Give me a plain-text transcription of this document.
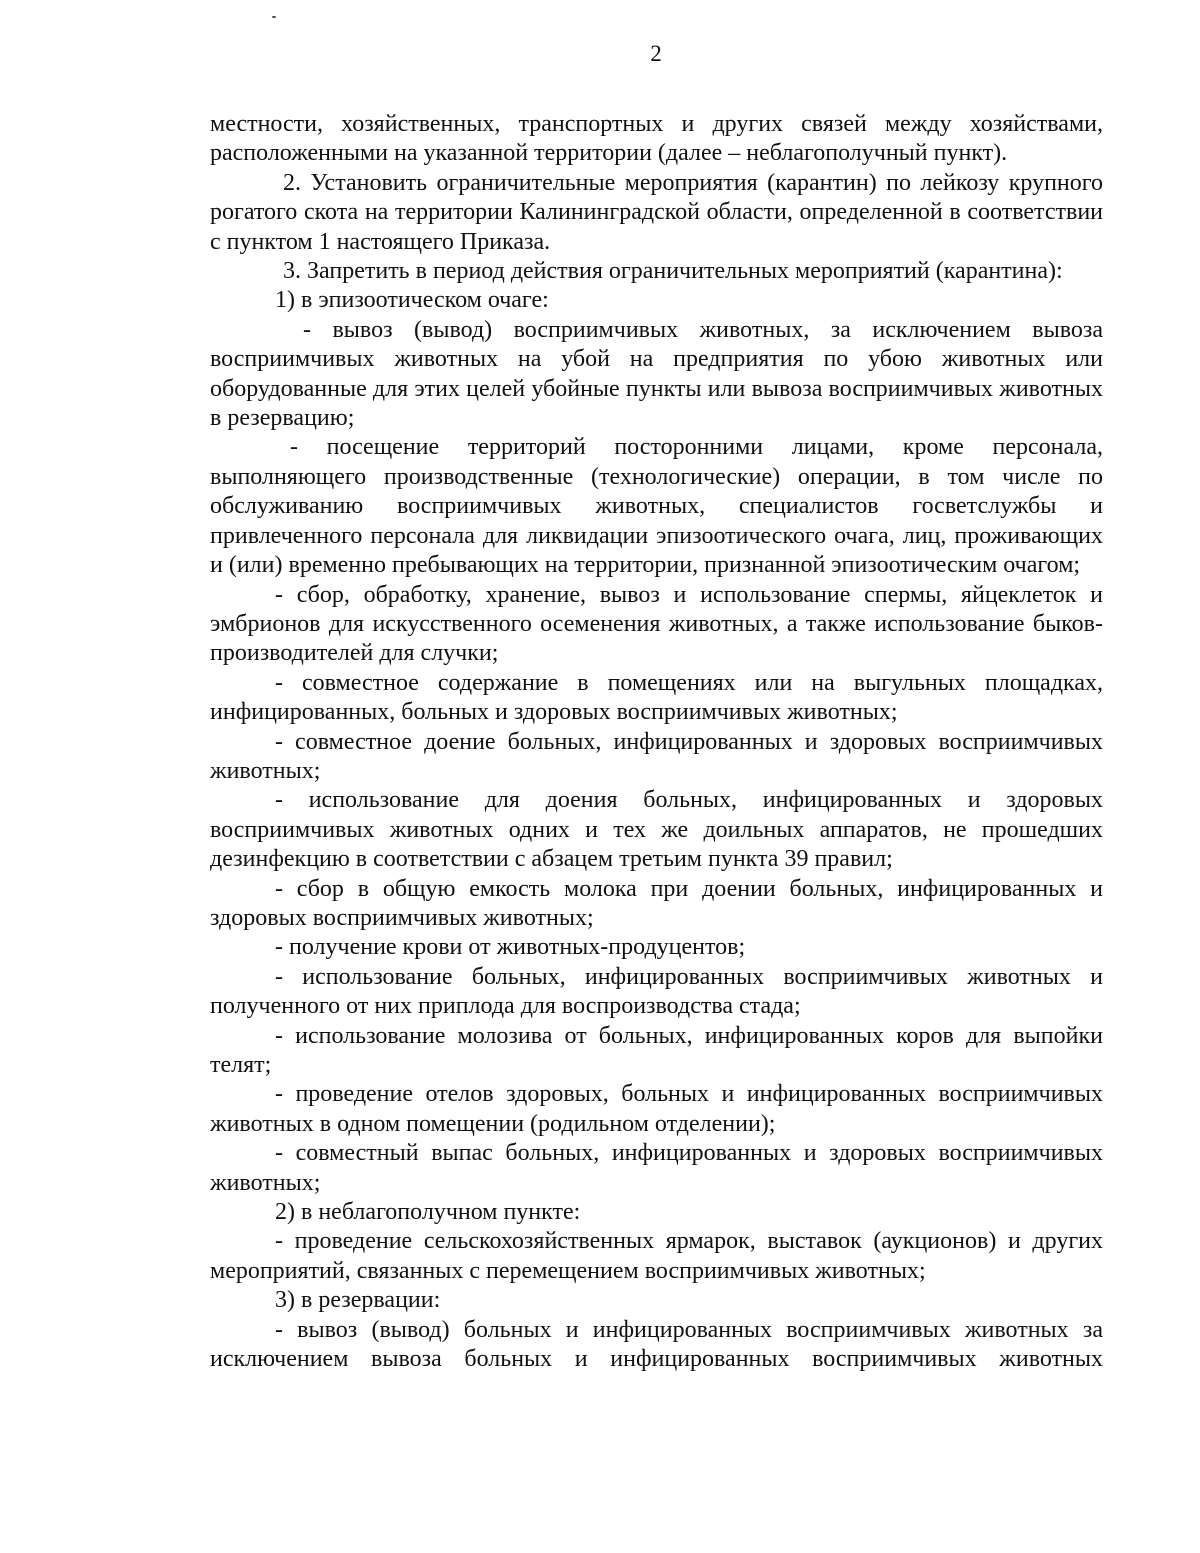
2

местности, хозяйственных, транспортных и других связей между хозяйствами, расположенными на указанной территории (далее – неблагополучный пункт).

2. Установить ограничительные мероприятия (карантин) по лейкозу крупного рогатого скота на территории Калининградской области, определенной в соответствии с пунктом 1 настоящего Приказа.

3. Запретить в период действия ограничительных мероприятий (карантина):

1) в эпизоотическом очаге:

- вывоз (вывод) восприимчивых животных, за исключением вывоза восприимчивых животных на убой на предприятия по убою животных или оборудованные для этих целей убойные пункты или вывоза восприимчивых животных в резервацию;

- посещение территорий посторонними лицами, кроме персонала, выполняющего производственные (технологические) операции, в том числе по обслуживанию восприимчивых животных, специалистов госветслужбы и привлеченного персонала для ликвидации эпизоотического очага, лиц, проживающих и (или) временно пребывающих на территории, признанной эпизоотическим очагом;

- сбор, обработку, хранение, вывоз и использование спермы, яйцеклеток и эмбрионов для искусственного осеменения животных, а также использование быков-производителей для случки;

- совместное содержание в помещениях или на выгульных площадках, инфицированных, больных и здоровых восприимчивых животных;

- совместное доение больных, инфицированных и здоровых восприимчивых животных;

- использование для доения больных, инфицированных и здоровых восприимчивых животных одних и тех же доильных аппаратов, не прошедших дезинфекцию в соответствии с абзацем третьим пункта 39 правил;

- сбор в общую емкость молока при доении больных, инфицированных и здоровых восприимчивых животных;

- получение крови от животных-продуцентов;

- использование больных, инфицированных восприимчивых животных и полученного от них приплода для воспроизводства стада;

- использование молозива от больных, инфицированных коров для выпойки телят;

- проведение отелов здоровых, больных и инфицированных восприимчивых животных в одном помещении (родильном отделении);

- совместный выпас больных, инфицированных и здоровых восприимчивых животных;

2) в неблагополучном пункте:

- проведение сельскохозяйственных ярмарок, выставок (аукционов) и других мероприятий, связанных с перемещением восприимчивых животных;

3) в резервации:

- вывоз (вывод) больных и инфицированных восприимчивых животных за исключением вывоза больных и инфицированных восприимчивых животных
